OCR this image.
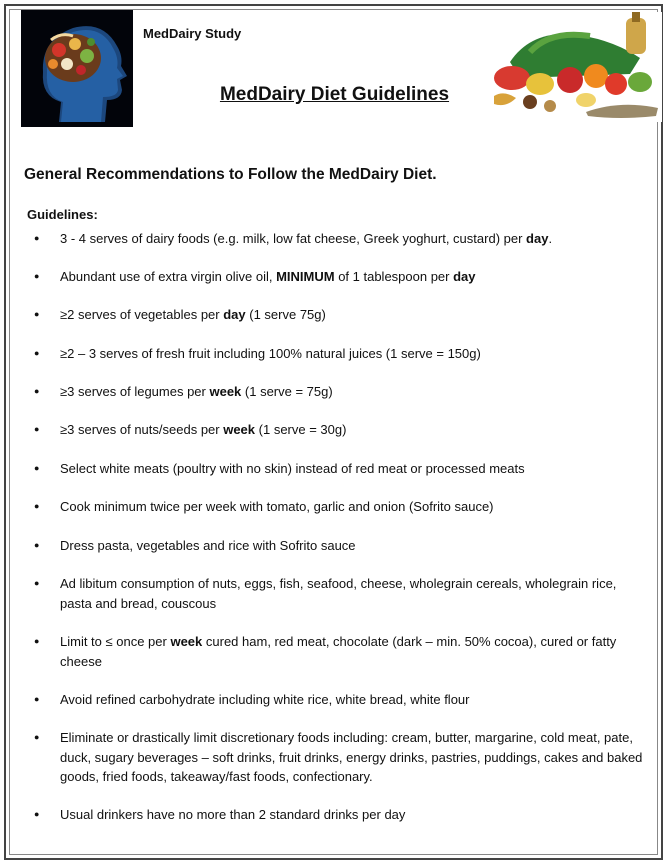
MedDairy Study
MedDairy Diet Guidelines
General Recommendations to Follow the MedDairy Diet.
Guidelines:
● 3 - 4 serves of dairy foods (e.g. milk, low fat cheese, Greek yoghurt, custard) per day.
● Abundant use of extra virgin olive oil, MINIMUM of 1 tablespoon per day
● ≥2 serves of vegetables per day (1 serve 75g)
● ≥2 – 3 serves of fresh fruit including 100% natural juices (1 serve = 150g)
● ≥3 serves of legumes per week (1 serve = 75g)
● ≥3 serves of nuts/seeds per week (1 serve = 30g)
● Select white meats (poultry with no skin) instead of red meat or processed meats
● Cook minimum twice per week with tomato, garlic and onion (Sofrito sauce)
● Dress pasta, vegetables and rice with Sofrito sauce
● Ad libitum consumption of nuts, eggs, fish, seafood, cheese, wholegrain cereals, wholegrain rice, pasta and bread, couscous
● Limit to ≤ once per week cured ham, red meat, chocolate (dark – min. 50% cocoa), cured or fatty cheese
● Avoid refined carbohydrate including white rice, white bread, white flour
● Eliminate or drastically limit discretionary foods including: cream, butter, margarine, cold meat, pate, duck, sugary beverages – soft drinks, fruit drinks, energy drinks, pastries, puddings, cakes and baked goods, fried foods, takeaway/fast foods, confectionary.
● Usual drinkers have no more than 2 standard drinks per day
